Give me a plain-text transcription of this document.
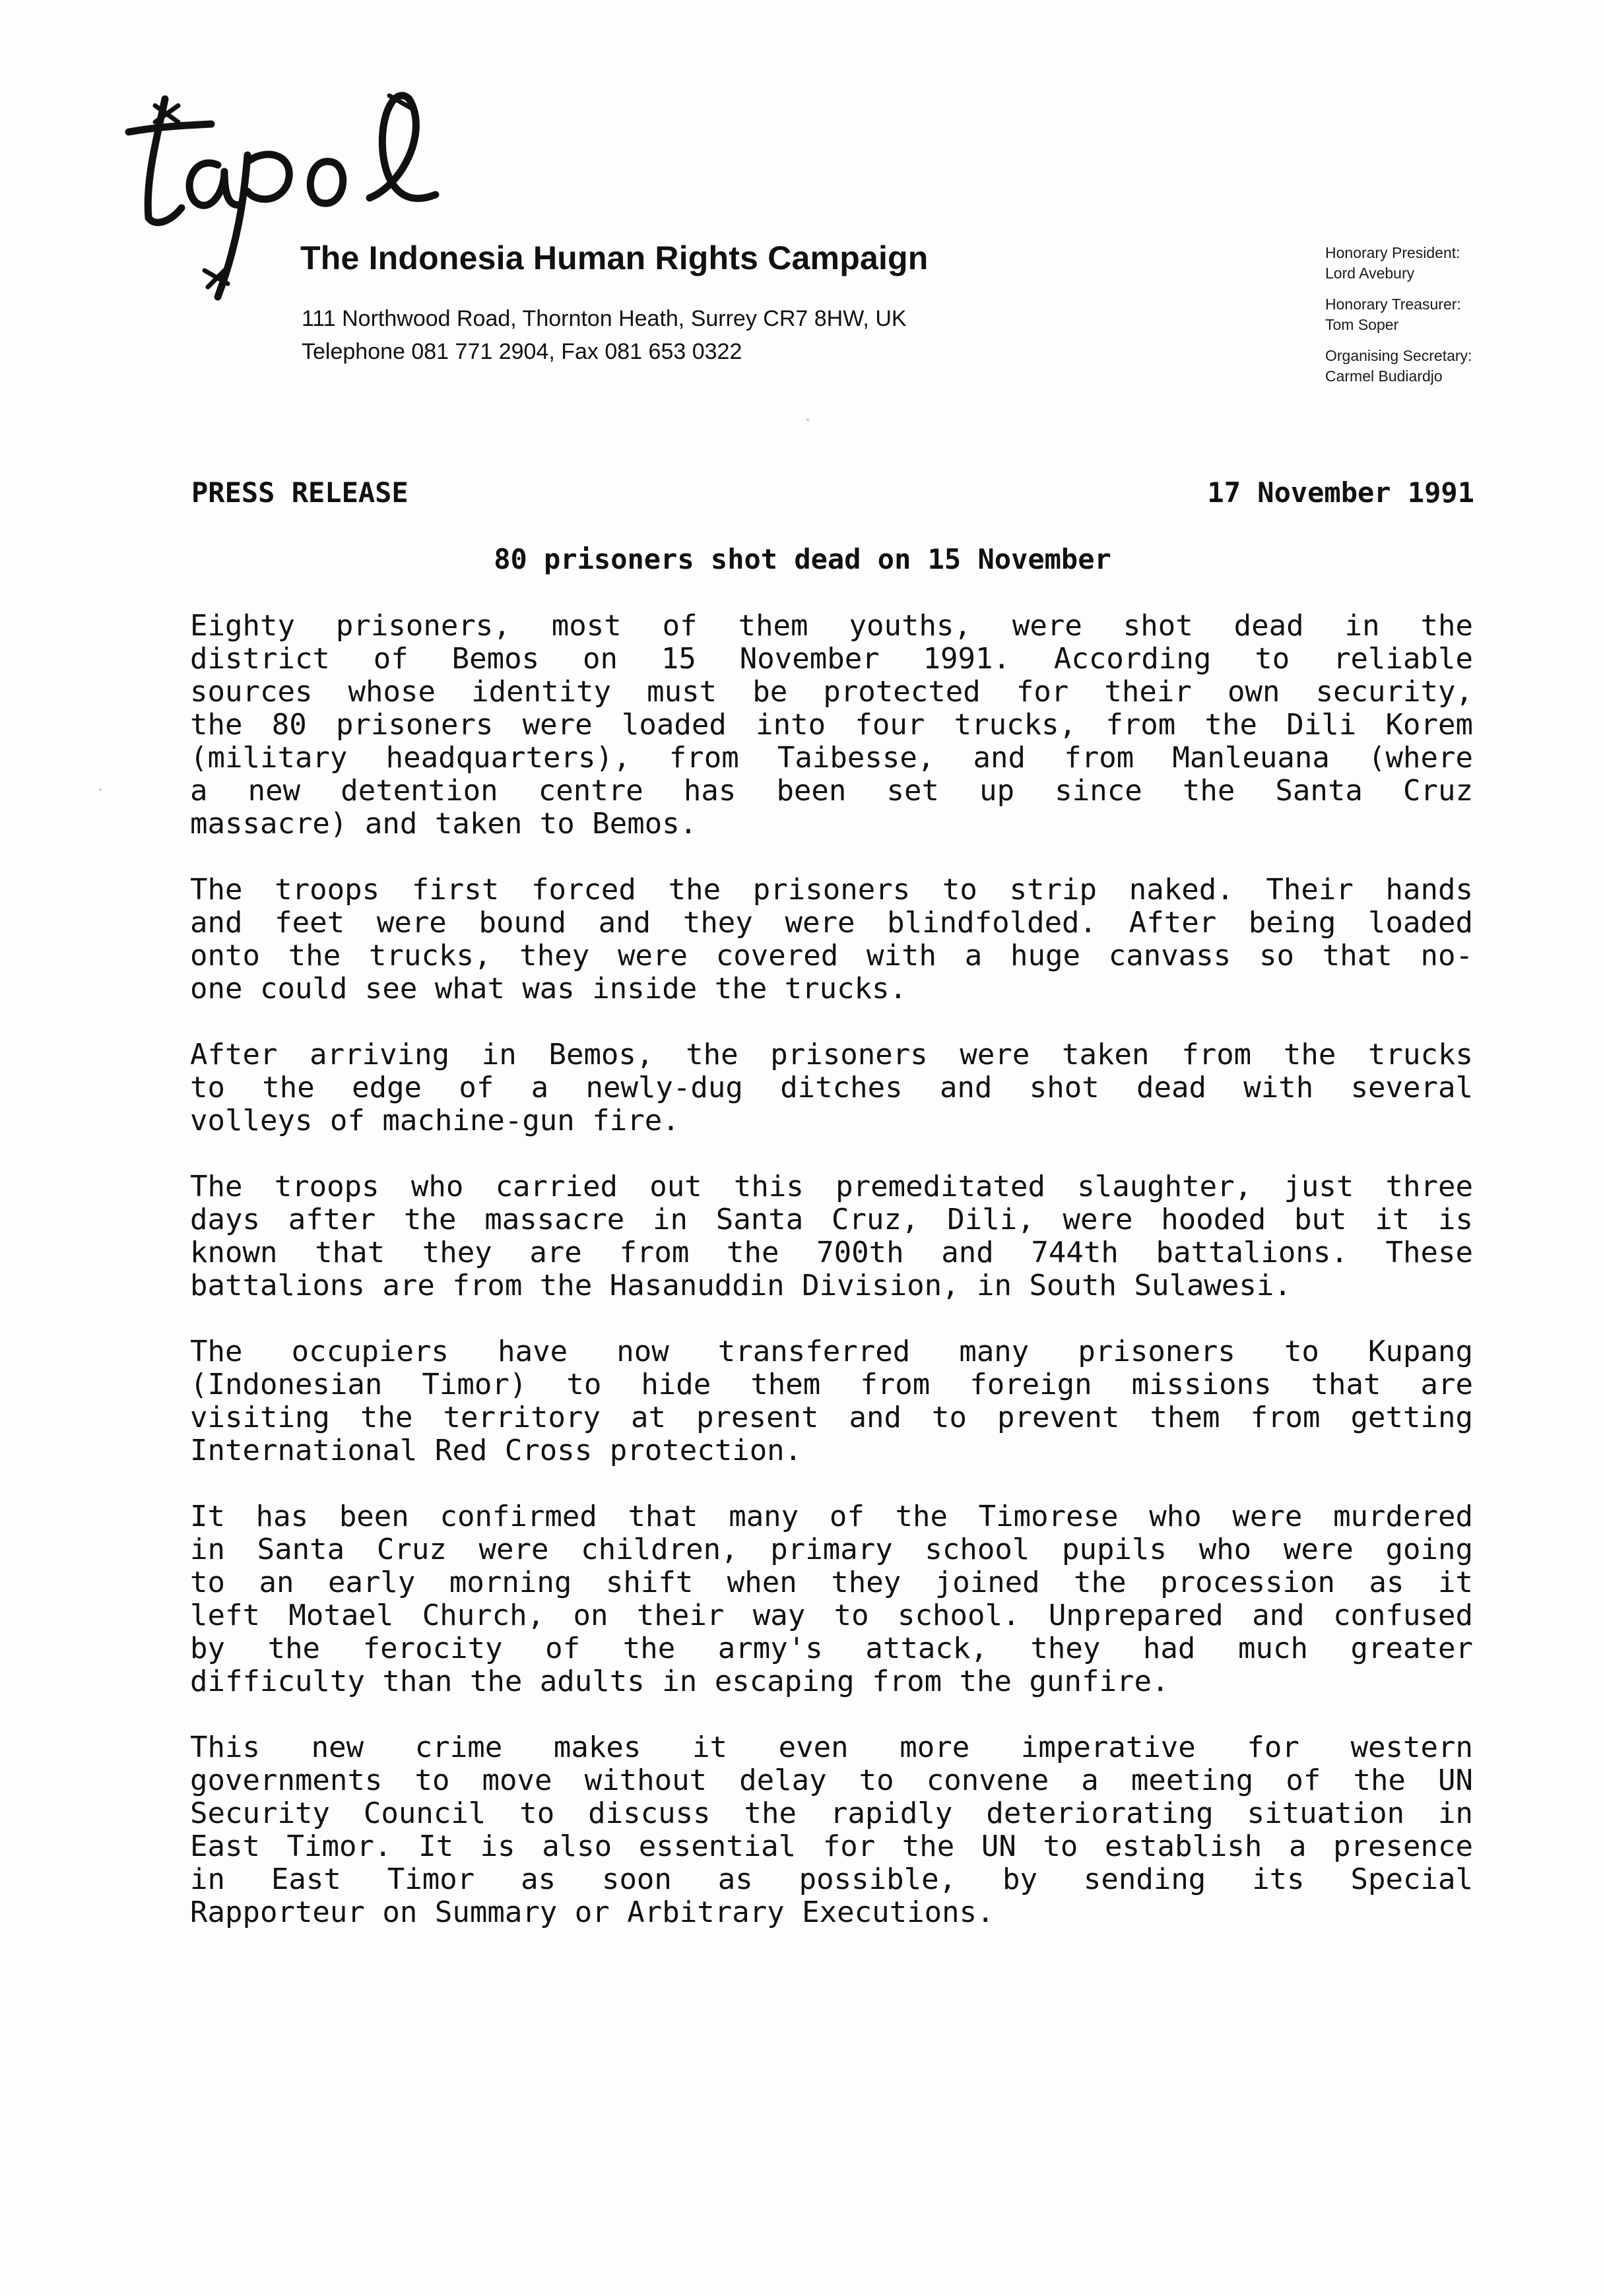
The Indonesia Human Rights Campaign
111 Northwood Road, Thornton Heath, Surrey CR7 8HW, UK
Telephone 081 771 2904, Fax 081 653 0322
Honorary President:
Lord Avebury
Honorary Treasurer:
Tom Soper
Organising Secretary:
Carmel Budiardjo
PRESS RELEASE	17 November 1991
80 prisoners shot dead on 15 November
Eighty prisoners, most of them youths, were shot dead in the
district of Bemos on 15 November 1991. According to reliable
sources whose identity must be protected for their own security,
the 80 prisoners were loaded into four trucks, from the Dili Korem
(military headquarters), from Taibesse, and from Manleuana (where
a new detention centre has been set up since the Santa Cruz
massacre) and taken to Bemos.
The troops first forced the prisoners to strip naked. Their hands
and feet were bound and they were blindfolded. After being loaded
onto the trucks, they were covered with a huge canvass so that no-
one could see what was inside the trucks.
After arriving in Bemos, the prisoners were taken from the trucks
to the edge of a newly-dug ditches and shot dead with several
volleys of machine-gun fire.
The troops who carried out this premeditated slaughter, just three
days after the massacre in Santa Cruz, Dili, were hooded but it is
known that they are from the 700th and 744th battalions. These
battalions are from the Hasanuddin Division, in South Sulawesi.
The occupiers have now transferred many prisoners to Kupang
(Indonesian Timor) to hide them from foreign missions that are
visiting the territory at present and to prevent them from getting
International Red Cross protection.
It has been confirmed that many of the Timorese who were murdered
in Santa Cruz were children, primary school pupils who were going
to an early morning shift when they joined the procession as it
left Motael Church, on their way to school. Unprepared and confused
by the ferocity of the army's attack, they had much greater
difficulty than the adults in escaping from the gunfire.
This new crime makes it even more imperative for western
governments to move without delay to convene a meeting of the UN
Security Council to discuss the rapidly deteriorating situation in
East Timor. It is also essential for the UN to establish a presence
in East Timor as soon as possible, by sending its Special
Rapporteur on Summary or Arbitrary Executions.
